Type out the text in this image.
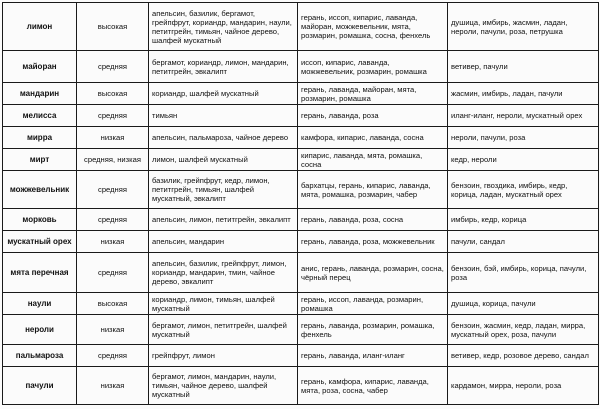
лимон	высокая	апельсин, базилик, бергамот, грейпфрут, кориандр, мандарин, наули, петитгрейн, тимьян, чайное дерево, шалфей мускатный	герань, иссоп, кипарис, лаванда, майоран, можжевельник, мята, розмарин, ромашка, сосна, фенхель	душица, имбирь, жасмин, ладан, нероли, пачули, роза, петрушка
майоран	средняя	бергамот, кориандр, лимон, мандарин, петитгрейн, эвкалипт	иссоп, кипарис, лаванда, можжевельник, розмарин, ромашка	ветивер, пачули
мандарин	высокая	кориандр, шалфей мускатный	герань, лаванда, майоран, мята, розмарин, ромашка	жасмин, имбирь, ладан, пачули
мелисса	средняя	тимьян	герань, лаванда, роза	иланг-иланг, нероли, мускатный орех
мирра	низкая	апельсин, пальмароза, чайное дерево	камфора, кипарис, лаванда, сосна	нероли, пачули, роза
мирт	средняя, низкая	лимон, шалфей мускатный	кипарис, лаванда, мята, ромашка, сосна	кедр, нероли
можжевельник	средняя	базилик, грейпфрут, кедр, лимон, петитгрейн, тимьян, шалфей мускатный, эвкалипт	бархатцы, герань, кипарис, лаванда, мята, ромашка, розмарин, чабер	бензоин, гвоздика, имбирь, кедр, корица, ладан, мускатный орех
морковь	средняя	апельсин, лимон, петитгрейн, эвкалипт	герань, лаванда, роза, сосна	имбирь, кедр, корица
мускатный орех	низкая	апельсин, мандарин	герань, лаванда, роза, можжевельник	пачули, сандал
мята перечная	средняя	апельсин, базилик, грейпфрут, лимон, кориандр, мандарин, тмин, чайное дерево, эвкалипт	анис, герань, лаванда, розмарин, сосна, чёрный перец	бензоин, бэй, имбирь, корица, пачули, роза
наули	высокая	кориандр, лимон, тимьян, шалфей мускатный	герань, иссоп, лаванда, розмарин, ромашка	душица, корица, пачули
нероли	низкая	бергамот, лимон, петитгрейн, шалфей мускатный	герань, лаванда, розмарин, ромашка, фенхель	бензоин, жасмин, кедр, ладан, мирра, мускатный орех, роза, пачули
пальмароза	средняя	грейпфрут, лимон	герань, лаванда, иланг-иланг	ветивер, кедр, розовое дерево, сандал
пачули	низкая	бергамот, лимон, мандарин, наули, тимьян, чайное дерево, шалфей мускатный	герань, камфора, кипарис, лаванда, мята, роза, сосна, чабер	кардамон, мирра, нероли, роза
